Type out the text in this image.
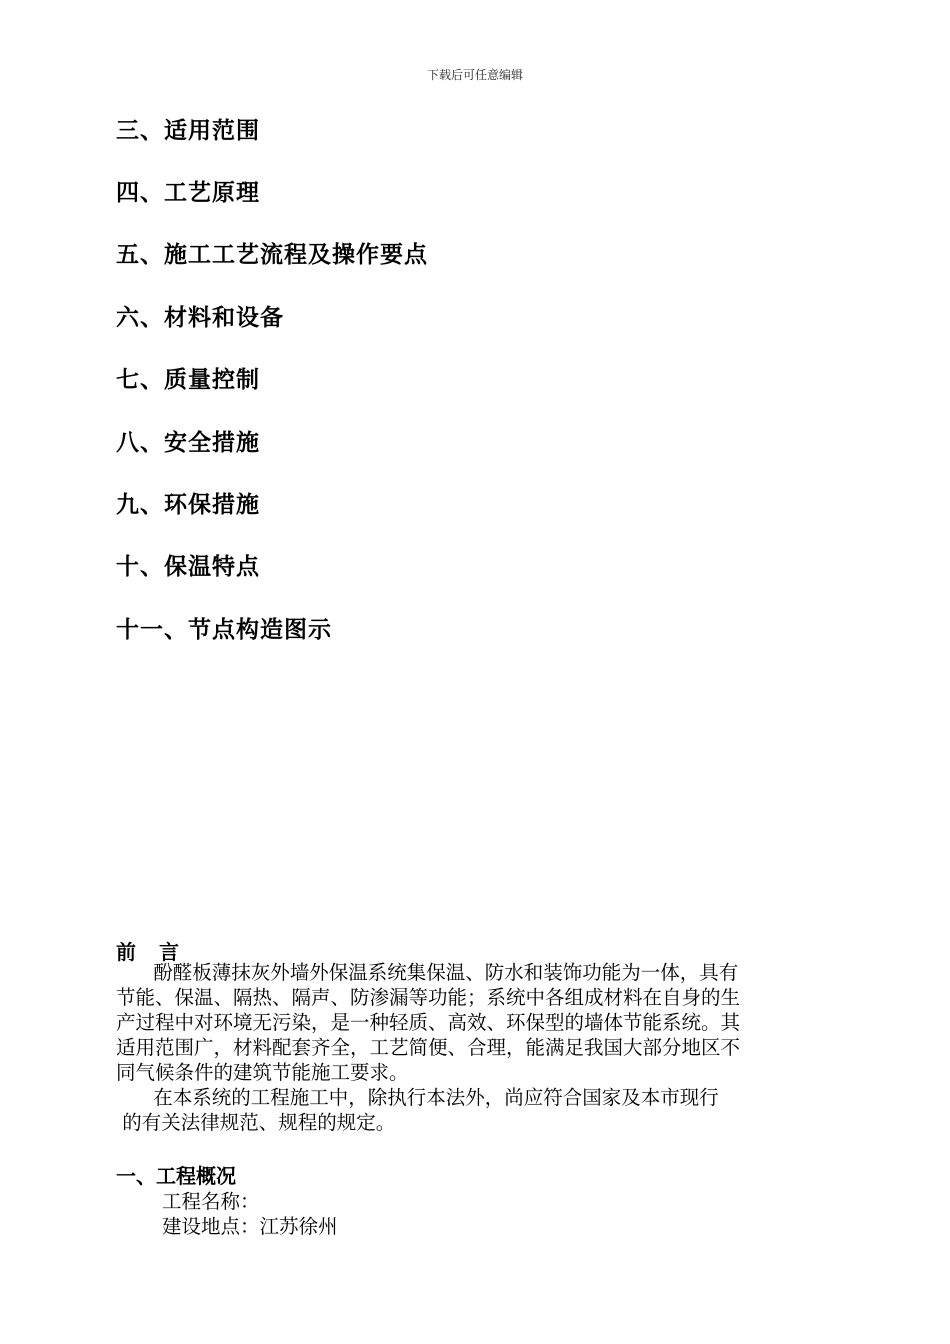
下载后可任意编辑
三、适用范围
四、工艺原理
五、施工工艺流程及操作要点
六、材料和设备
七、质量控制
八、安全措施
九、环保措施
十、保温特点
十一、节点构造图示
前 言
酚醛板薄抹灰外墙外保温系统集保温、防水和装饰功能为一体，具有
节能、保温、隔热、隔声、防渗漏等功能；系统中各组成材料在自身的生
产过程中对环境无污染，是一种轻质、高效、环保型的墙体节能系统。其
适用范围广，材料配套齐全，工艺简便、合理，能满足我国大部分地区不
同气候条件的建筑节能施工要求。
在本系统的工程施工中，除执行本法外，尚应符合国家及本市现行
的有关法律规范、规程的规定。
一、工程概况
工程名称：
建设地点：江苏徐州
